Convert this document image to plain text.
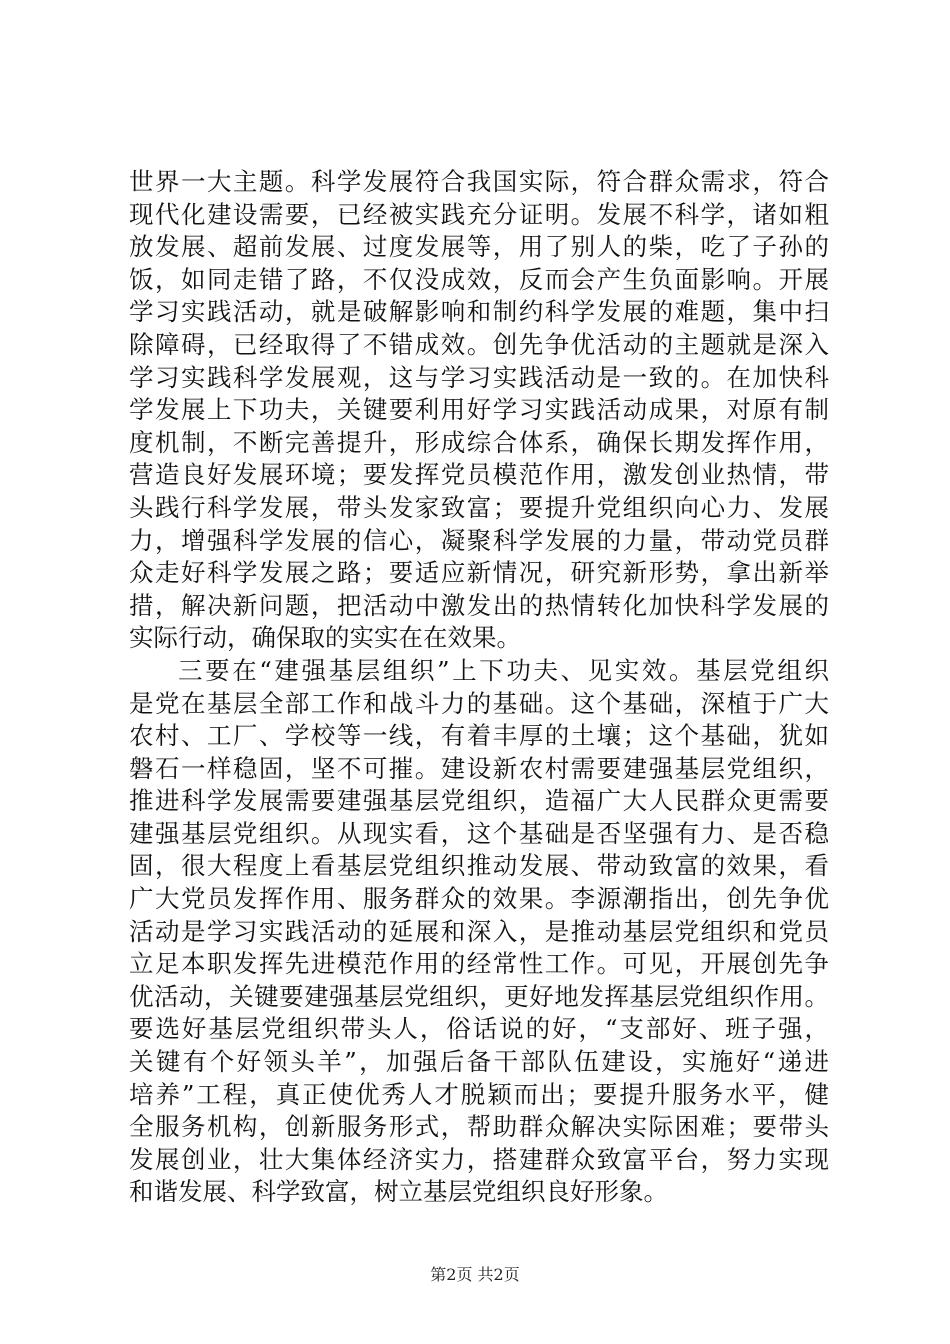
世界一大主题。科学发展符合我国实际，符合群众需求，符合
现代化建设需要，已经被实践充分证明。发展不科学，诸如粗
放发展、超前发展、过度发展等，用了别人的柴，吃了子孙的
饭，如同走错了路，不仅没成效，反而会产生负面影响。开展
学习实践活动，就是破解影响和制约科学发展的难题，集中扫
除障碍，已经取得了不错成效。创先争优活动的主题就是深入
学习实践科学发展观，这与学习实践活动是一致的。在加快科
学发展上下功夫，关键要利用好学习实践活动成果，对原有制
度机制，不断完善提升，形成综合体系，确保长期发挥作用，
营造良好发展环境；要发挥党员模范作用，激发创业热情，带
头践行科学发展，带头发家致富；要提升党组织向心力、发展
力，增强科学发展的信心，凝聚科学发展的力量，带动党员群
众走好科学发展之路；要适应新情况，研究新形势，拿出新举
措，解决新问题，把活动中激发出的热情转化加快科学发展的
实际行动，确保取的实实在在效果。
三要在“建强基层组织”上下功夫、见实效。基层党组织
是党在基层全部工作和战斗力的基础。这个基础，深植于广大
农村、工厂、学校等一线，有着丰厚的土壤；这个基础，犹如
磐石一样稳固，坚不可摧。建设新农村需要建强基层党组织，
推进科学发展需要建强基层党组织，造福广大人民群众更需要
建强基层党组织。从现实看，这个基础是否坚强有力、是否稳
固，很大程度上看基层党组织推动发展、带动致富的效果，看
广大党员发挥作用、服务群众的效果。李源潮指出，创先争优
活动是学习实践活动的延展和深入，是推动基层党组织和党员
立足本职发挥先进模范作用的经常性工作。可见，开展创先争
优活动，关键要建强基层党组织，更好地发挥基层党组织作用。
要选好基层党组织带头人，俗话说的好，“支部好、班子强，
关键有个好领头羊”，加强后备干部队伍建设，实施好“递进
培养”工程，真正使优秀人才脱颖而出；要提升服务水平，健
全服务机构，创新服务形式，帮助群众解决实际困难；要带头
发展创业，壮大集体经济实力，搭建群众致富平台，努力实现
和谐发展、科学致富，树立基层党组织良好形象。
第2页 共2页
